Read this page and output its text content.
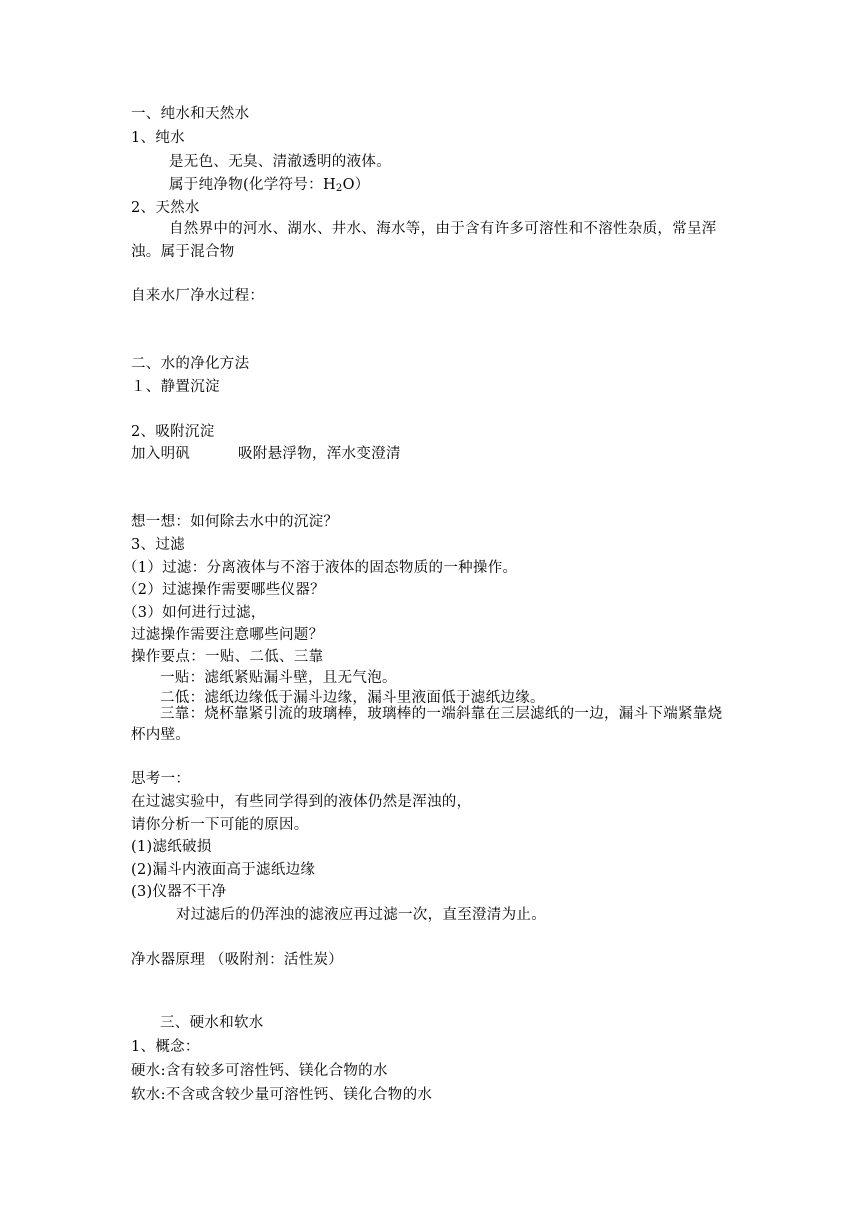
一、纯水和天然水
1、纯水
是无色、无臭、清澈透明的液体。
属于纯净物(化学符号：$H_2O$）
2、天然水
自然界中的河水、湖水、井水、海水等，由于含有许多可溶性和不溶性杂质，常呈浑浊。属于混合物
自来水厂净水过程：
二、水的净化方法
１、静置沉淀
2、吸附沉淀
加入明矾	吸附悬浮物，浑水变澄清
想一想：如何除去水中的沉淀？
3、过滤
（1）过滤：分离液体与不溶于液体的固态物质的一种操作。
（2）过滤操作需要哪些仪器？
（3）如何进行过滤，
过滤操作需要注意哪些问题？
操作要点：一贴、二低、三靠
一贴：滤纸紧贴漏斗壁，且无气泡。
二低：滤纸边缘低于漏斗边缘，漏斗里液面低于滤纸边缘。
三靠：烧杯靠紧引流的玻璃棒，玻璃棒的一端斜靠在三层滤纸的一边，漏斗下端紧靠烧杯内壁。
思考一：
在过滤实验中，有些同学得到的液体仍然是浑浊的，
请你分析一下可能的原因。
(1)滤纸破损
(2)漏斗内液面高于滤纸边缘
(3)仪器不干净
对过滤后的仍浑浊的滤液应再过滤一次，直至澄清为止。
净水器原理 （吸附剂：活性炭）
三、硬水和软水
1、概念：
硬水:含有较多可溶性钙、镁化合物的水
软水:不含或含较少量可溶性钙、镁化合物的水
